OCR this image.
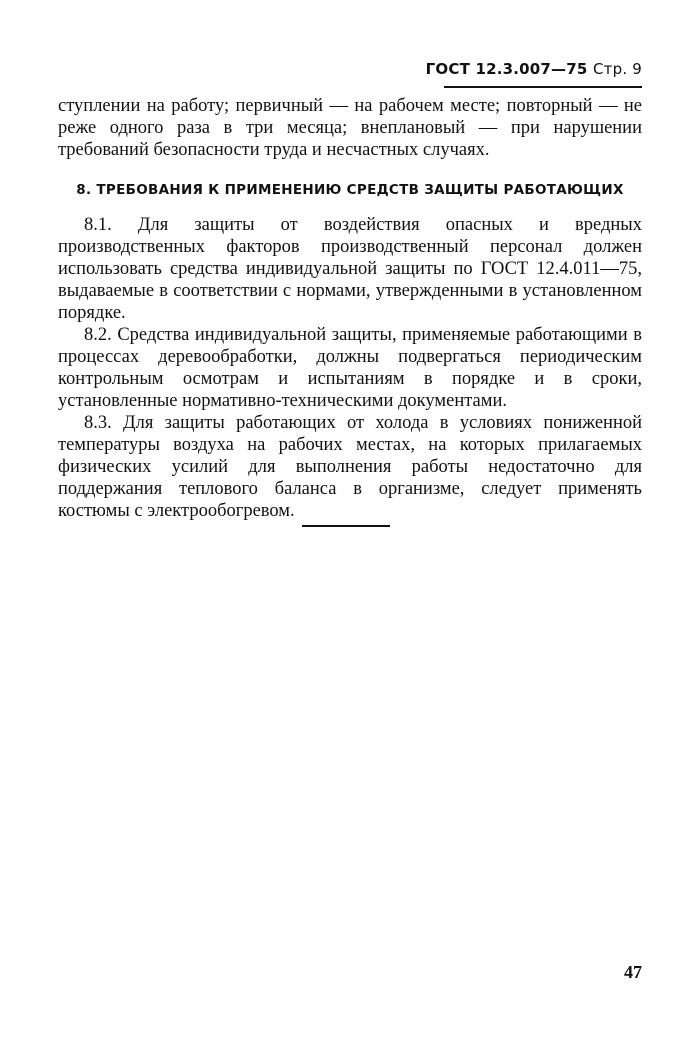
ГОСТ 12.3.007—75 Стр. 9

ступлении на работу; первичный — на рабочем месте; повторный — не реже одного раза в три месяца; внеплановый — при нарушении требований безопасности труда и несчастных случаях.

8. ТРЕБОВАНИЯ К ПРИМЕНЕНИЮ СРЕДСТВ ЗАЩИТЫ РАБОТАЮЩИХ

8.1. Для защиты от воздействия опасных и вредных производственных факторов производственный персонал должен использовать средства индивидуальной защиты по ГОСТ 12.4.011—75, выдаваемые в соответствии с нормами, утвержденными в установленном порядке.

8.2. Средства индивидуальной защиты, применяемые работающими в процессах деревообработки, должны подвергаться периодическим контрольным осмотрам и испытаниям в порядке и в сроки, установленные нормативно-техническими документами.

8.3. Для защиты работающих от холода в условиях пониженной температуры воздуха на рабочих местах, на которых прилагаемых физических усилий для выполнения работы недостаточно для поддержания теплового баланса в организме, следует применять костюмы с электрообогревом.

47
